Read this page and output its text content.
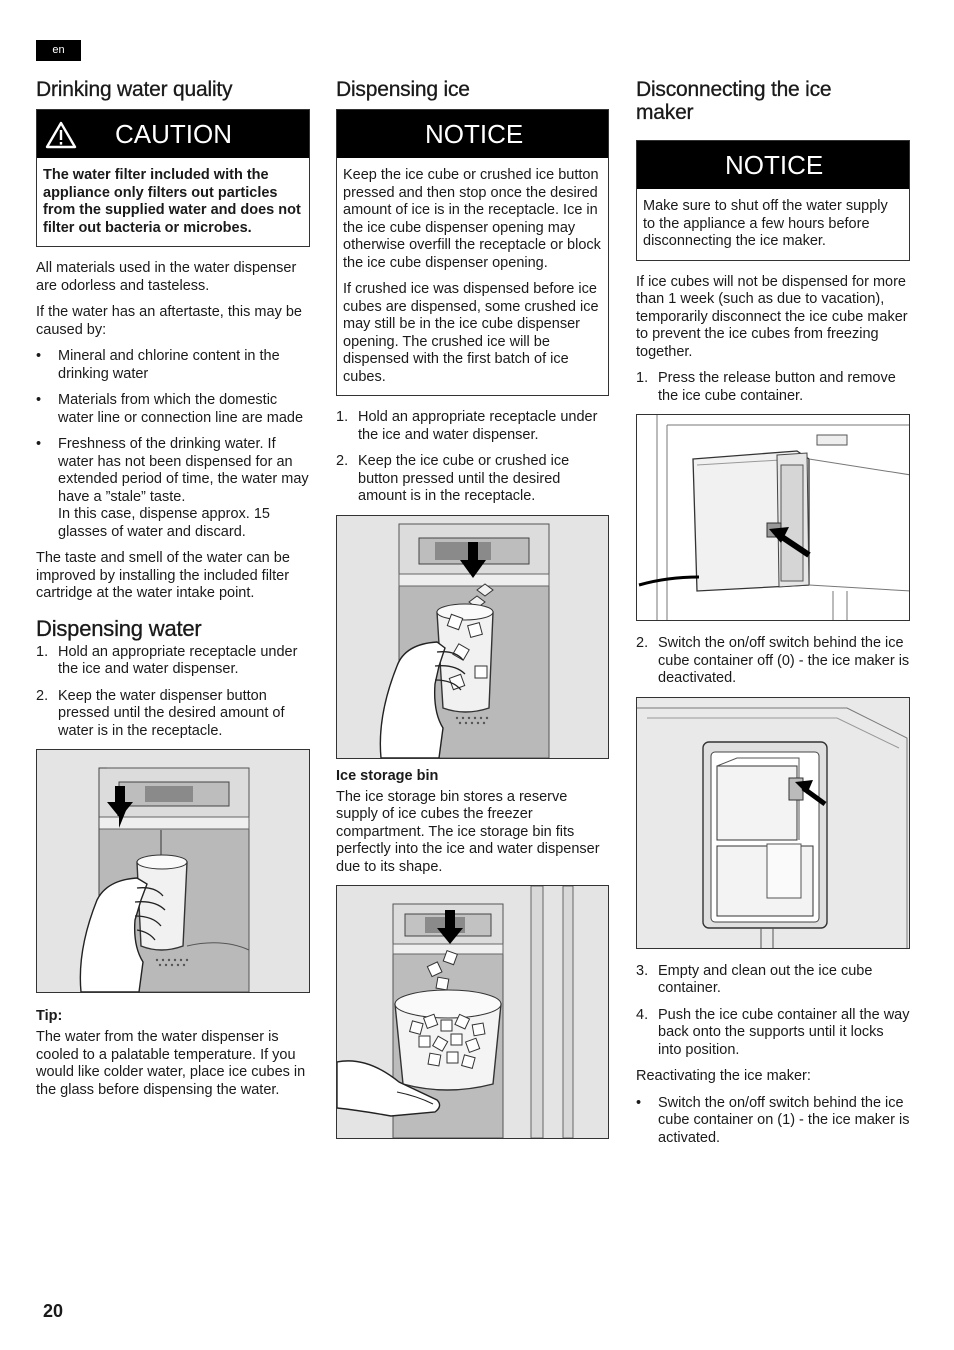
en
Drinking water quality
CAUTION

The water filter included with the appliance only filters out particles from the supplied water and does not filter out bacteria or microbes.

All materials used in the water dispenser are odorless and tasteless.

If the water has an aftertaste, this may be caused by:

• Mineral and chlorine content in the drinking water
• Materials from which the domestic water line or connection line are made
• Freshness of the drinking water. If water has not been dispensed for an extended period of time, the water may have a ”stale” taste.
In this case, dispense approx. 15 glasses of water and discard.

The taste and smell of the water can be improved by installing the included filter cartridge at the water intake point.

Dispensing water
1. Hold an appropriate receptacle under the ice and water dispenser.
2. Keep the water dispenser button pressed until the desired amount of water is in the receptacle.
Tip:

The water from the water dispenser is cooled to a palatable temperature. If you would like colder water, place ice cubes in the glass before dispensing the water.

Dispensing ice
NOTICE

Keep the ice cube or crushed ice button pressed and then stop once the desired amount of ice is in the receptacle. Ice in the ice cube dispenser opening may otherwise overfill the receptacle or block the ice cube dispenser opening.

If crushed ice was dispensed before ice cubes are dispensed, some crushed ice may still be in the ice cube dispenser opening. The crushed ice will be dispensed with the first batch of ice cubes.

1. Hold an appropriate receptacle under the ice and water dispenser.
2. Keep the ice cube or crushed ice button pressed until the desired amount is in the receptacle.
Ice storage bin

The ice storage bin stores a reserve supply of ice cubes the freezer compartment. The ice storage bin fits perfectly into the ice and water dispenser due to its shape.

Disconnecting the ice maker
NOTICE

Make sure to shut off the water supply to the appliance a few hours before disconnecting the ice maker.

If ice cubes will not be dispensed for more than 1 week (such as due to vacation), temporarily disconnect the ice cube maker to prevent the ice cubes from freezing together.

1. Press the release button and remove the ice cube container.
2. Switch the on/off switch behind the ice cube container off (0) - the ice maker is deactivated.
3. Empty and clean out the ice cube container.
4. Push the ice cube container all the way back onto the supports until it locks into position.

Reactivating the ice maker:

• Switch the on/off switch behind the ice cube container on (1) - the ice maker is activated.
20
